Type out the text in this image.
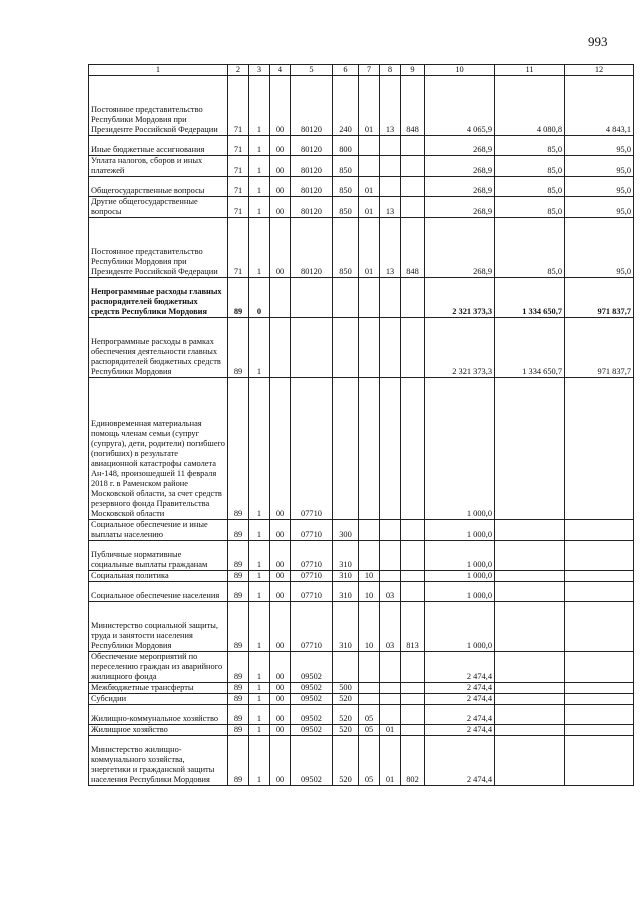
993
1	2	3	4	5	6	7	8	9	10	11	12
Постоянное представительство Республики Мордовия при Президенте Российской Федерации	71	1	00	80120	240	01	13	848	4 065,9	4 080,8	4 843,1
Иные бюджетные ассигнования	71	1	00	80120	800				268,9	85,0	95,0
Уплата налогов, сборов и иных платежей	71	1	00	80120	850				268,9	85,0	95,0
Общегосударственные вопросы	71	1	00	80120	850	01			268,9	85,0	95,0
Другие общегосударственные вопросы	71	1	00	80120	850	01	13		268,9	85,0	95,0
Постоянное представительство Республики Мордовия при Президенте Российской Федерации	71	1	00	80120	850	01	13	848	268,9	85,0	95,0
Непрограммные расходы главных распорядителей бюджетных средств Республики Мордовия	89	0							2 321 373,3	1 334 650,7	971 837,7
Непрограммные расходы в рамках обеспечения деятельности главных распорядителей бюджетных средств Республики Мордовия	89	1							2 321 373,3	1 334 650,7	971 837,7
Единовременная материальная помощь членам семьи (супруг (супруга), дети, родители) погибшего (погибших) в результате авиационной катастрофы самолета Ан-148, произошедшей 11 февраля 2018 г. в Раменском районе Московской области, за счет средств резервного фонда Правительства Московской области	89	1	00	07710					1 000,0		
Социальное обеспечение и иные выплаты населению	89	1	00	07710	300				1 000,0		
Публичные нормативные социальные выплаты гражданам	89	1	00	07710	310				1 000,0		
Социальная политика	89	1	00	07710	310	10			1 000,0		
Социальное обеспечение населения	89	1	00	07710	310	10	03		1 000,0		
Министерство социальной защиты, труда и занятости населения Республики Мордовия	89	1	00	07710	310	10	03	813	1 000,0		
Обеспечение мероприятий по переселению граждан из аварийного жилищного фонда	89	1	00	09502					2 474,4		
Межбюджетные трансферты	89	1	00	09502	500				2 474,4		
Субсидии	89	1	00	09502	520				2 474,4		
Жилищно-коммунальное хозяйство	89	1	00	09502	520	05			2 474,4		
Жилищное хозяйство	89	1	00	09502	520	05	01		2 474,4		
Министерство жилищно-коммунального хозяйства, энергетики и гражданской защиты населения Республики Мордовия	89	1	00	09502	520	05	01	802	2 474,4		
